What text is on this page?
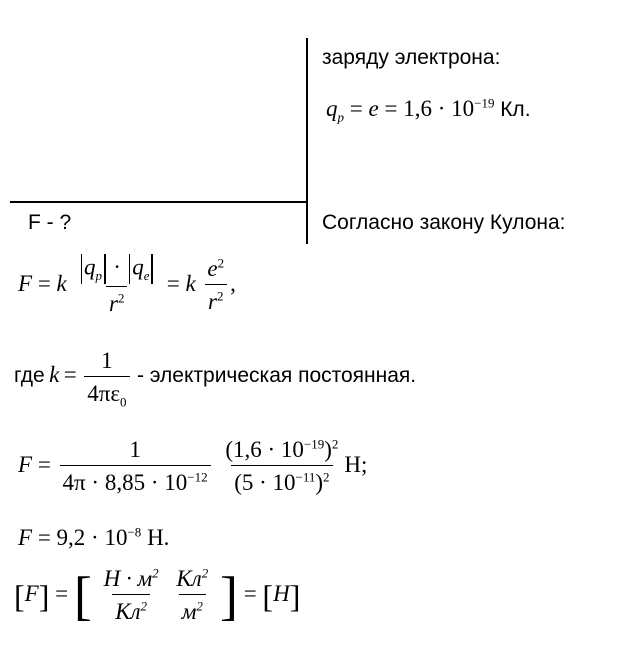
заряду электрона:
$q_p = e = 1,6 \cdot 10^{-19}$ Кл.
F - ?	Согласно закону Кулона:
F = k $\frac{q_p \cdot q_e}{r^2} = k \frac{e^2}{r^2}$ ,
где $k = \frac{1}{4\pi\varepsilon_0}$ - электрическая постоянная.
$F = \frac{1}{4\pi \cdot 8,85 \cdot 10^{-12}}$
$\frac{(1,6 \cdot 10^{-19})^2}{(5 \cdot 10^{-11})^2} Н$;
$F = 9,2 \cdot 10^{-8}$ Н.
[F] = [ $\frac{Н \cdot м^2}{Кл^2}$
$\frac{Кл^2}{м^2}$ ] = [Н]
